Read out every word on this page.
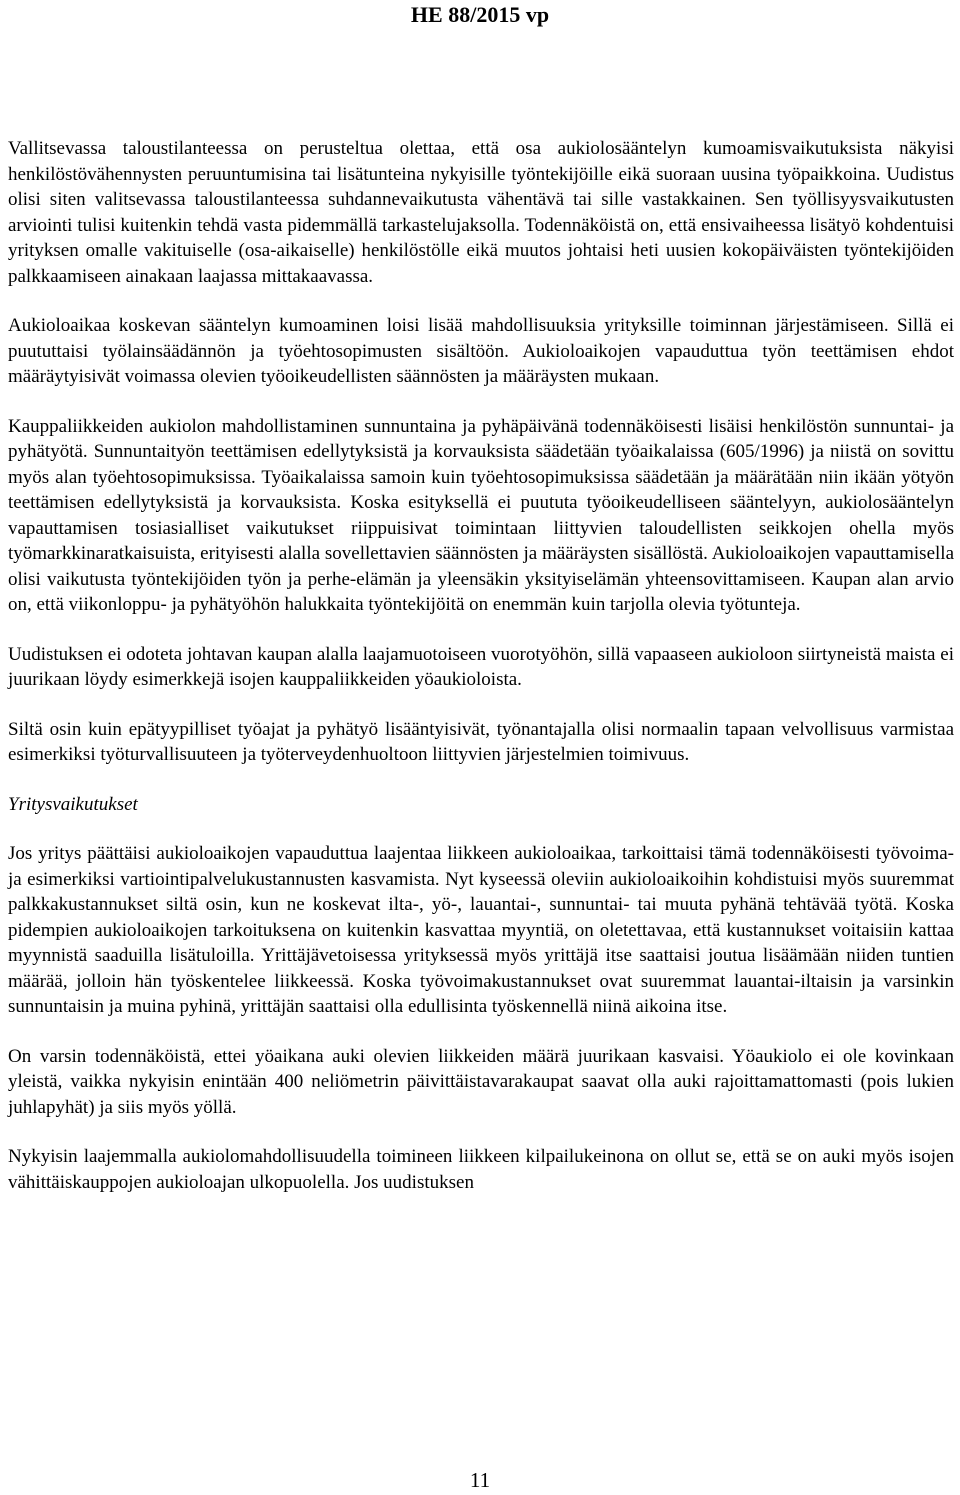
HE 88/2015 vp

Vallitsevassa taloustilanteessa on perusteltua olettaa, että osa aukiolosääntelyn kumoamisvaikutuksista näkyisi henkilöstövähennysten peruuntumisina tai lisätunteina nykyisille työntekijöille eikä suoraan uusina työpaikkoina. Uudistus olisi siten valitsevassa taloustilanteessa suhdannevaikutusta vähentävä tai sille vastakkainen. Sen työllisyysvaikutusten arviointi tulisi kuitenkin tehdä vasta pidemmällä tarkastelujaksolla. Todennäköistä on, että ensivaiheessa lisätyö kohdentuisi yrityksen omalle vakituiselle (osa-aikaiselle) henkilöstölle eikä muutos johtaisi heti uusien kokopäiväisten työntekijöiden palkkaamiseen ainakaan laajassa mittakaavassa.

Aukioloaikaa koskevan sääntelyn kumoaminen loisi lisää mahdollisuuksia yrityksille toiminnan järjestämiseen. Sillä ei puututtaisi työlainsäädännön ja työehtosopimusten sisältöön. Aukioloaikojen vapauduttua työn teettämisen ehdot määräytyisivät voimassa olevien työoikeudellisten säännösten ja määräysten mukaan.

Kauppaliikkeiden aukiolon mahdollistaminen sunnuntaina ja pyhäpäivänä todennäköisesti lisäisi henkilöstön sunnuntai- ja pyhätyötä. Sunnuntaityön teettämisen edellytyksistä ja korvauksista säädetään työaikalaissa (605/1996) ja niistä on sovittu myös alan työehtosopimuksissa. Työaikalaissa samoin kuin työehtosopimuksissa säädetään ja määrätään niin ikään yötyön teettämisen edellytyksistä ja korvauksista. Koska esityksellä ei puututa työoikeudelliseen sääntelyyn, aukiolosääntelyn vapauttamisen tosiasialliset vaikutukset riippuisivat toimintaan liittyvien taloudellisten seikkojen ohella myös työmarkkinaratkaisuista, erityisesti alalla sovellettavien säännösten ja määräysten sisällöstä. Aukioloaikojen vapauttamisella olisi vaikutusta työntekijöiden työn ja perhe-elämän ja yleensäkin yksityiselämän yhteensovittamiseen. Kaupan alan arvio on, että viikonloppu- ja pyhätyöhön halukkaita työntekijöitä on enemmän kuin tarjolla olevia työtunteja.

Uudistuksen ei odoteta johtavan kaupan alalla laajamuotoiseen vuorotyöhön, sillä vapaaseen aukioloon siirtyneistä maista ei juurikaan löydy esimerkkejä isojen kauppaliikkeiden yöaukioloista.

Siltä osin kuin epätyypilliset työajat ja pyhätyö lisääntyisivät, työnantajalla olisi normaalin tapaan velvollisuus varmistaa esimerkiksi työturvallisuuteen ja työterveydenhuoltoon liittyvien järjestelmien toimivuus.

Yritysvaikutukset

Jos yritys päättäisi aukioloaikojen vapauduttua laajentaa liikkeen aukioloaikaa, tarkoittaisi tämä todennäköisesti työvoima- ja esimerkiksi vartiointipalvelukustannusten kasvamista. Nyt kyseessä oleviin aukioloaikoihin kohdistuisi myös suuremmat palkkakustannukset siltä osin, kun ne koskevat ilta-, yö-, lauantai-, sunnuntai- tai muuta pyhänä tehtävää työtä. Koska pidempien aukioloaikojen tarkoituksena on kuitenkin kasvattaa myyntiä, on oletettavaa, että kustannukset voitaisiin kattaa myynnistä saaduilla lisätuloilla. Yrittäjävetoisessa yrityksessä myös yrittäjä itse saattaisi joutua lisäämään niiden tuntien määrää, jolloin hän työskentelee liikkeessä. Koska työvoimakustannukset ovat suuremmat lauantai-iltaisin ja varsinkin sunnuntaisin ja muina pyhinä, yrittäjän saattaisi olla edullisinta työskennellä niinä aikoina itse.

On varsin todennäköistä, ettei yöaikana auki olevien liikkeiden määrä juurikaan kasvaisi. Yöaukiolo ei ole kovinkaan yleistä, vaikka nykyisin enintään 400 neliömetrin päivittäistavarakaupat saavat olla auki rajoittamattomasti (pois lukien juhlapyhät) ja siis myös yöllä.

Nykyisin laajemmalla aukiolomahdollisuudella toimineen liikkeen kilpailukeinona on ollut se, että se on auki myös isojen vähittäiskauppojen aukioloajan ulkopuolella. Jos uudistuksen

11
